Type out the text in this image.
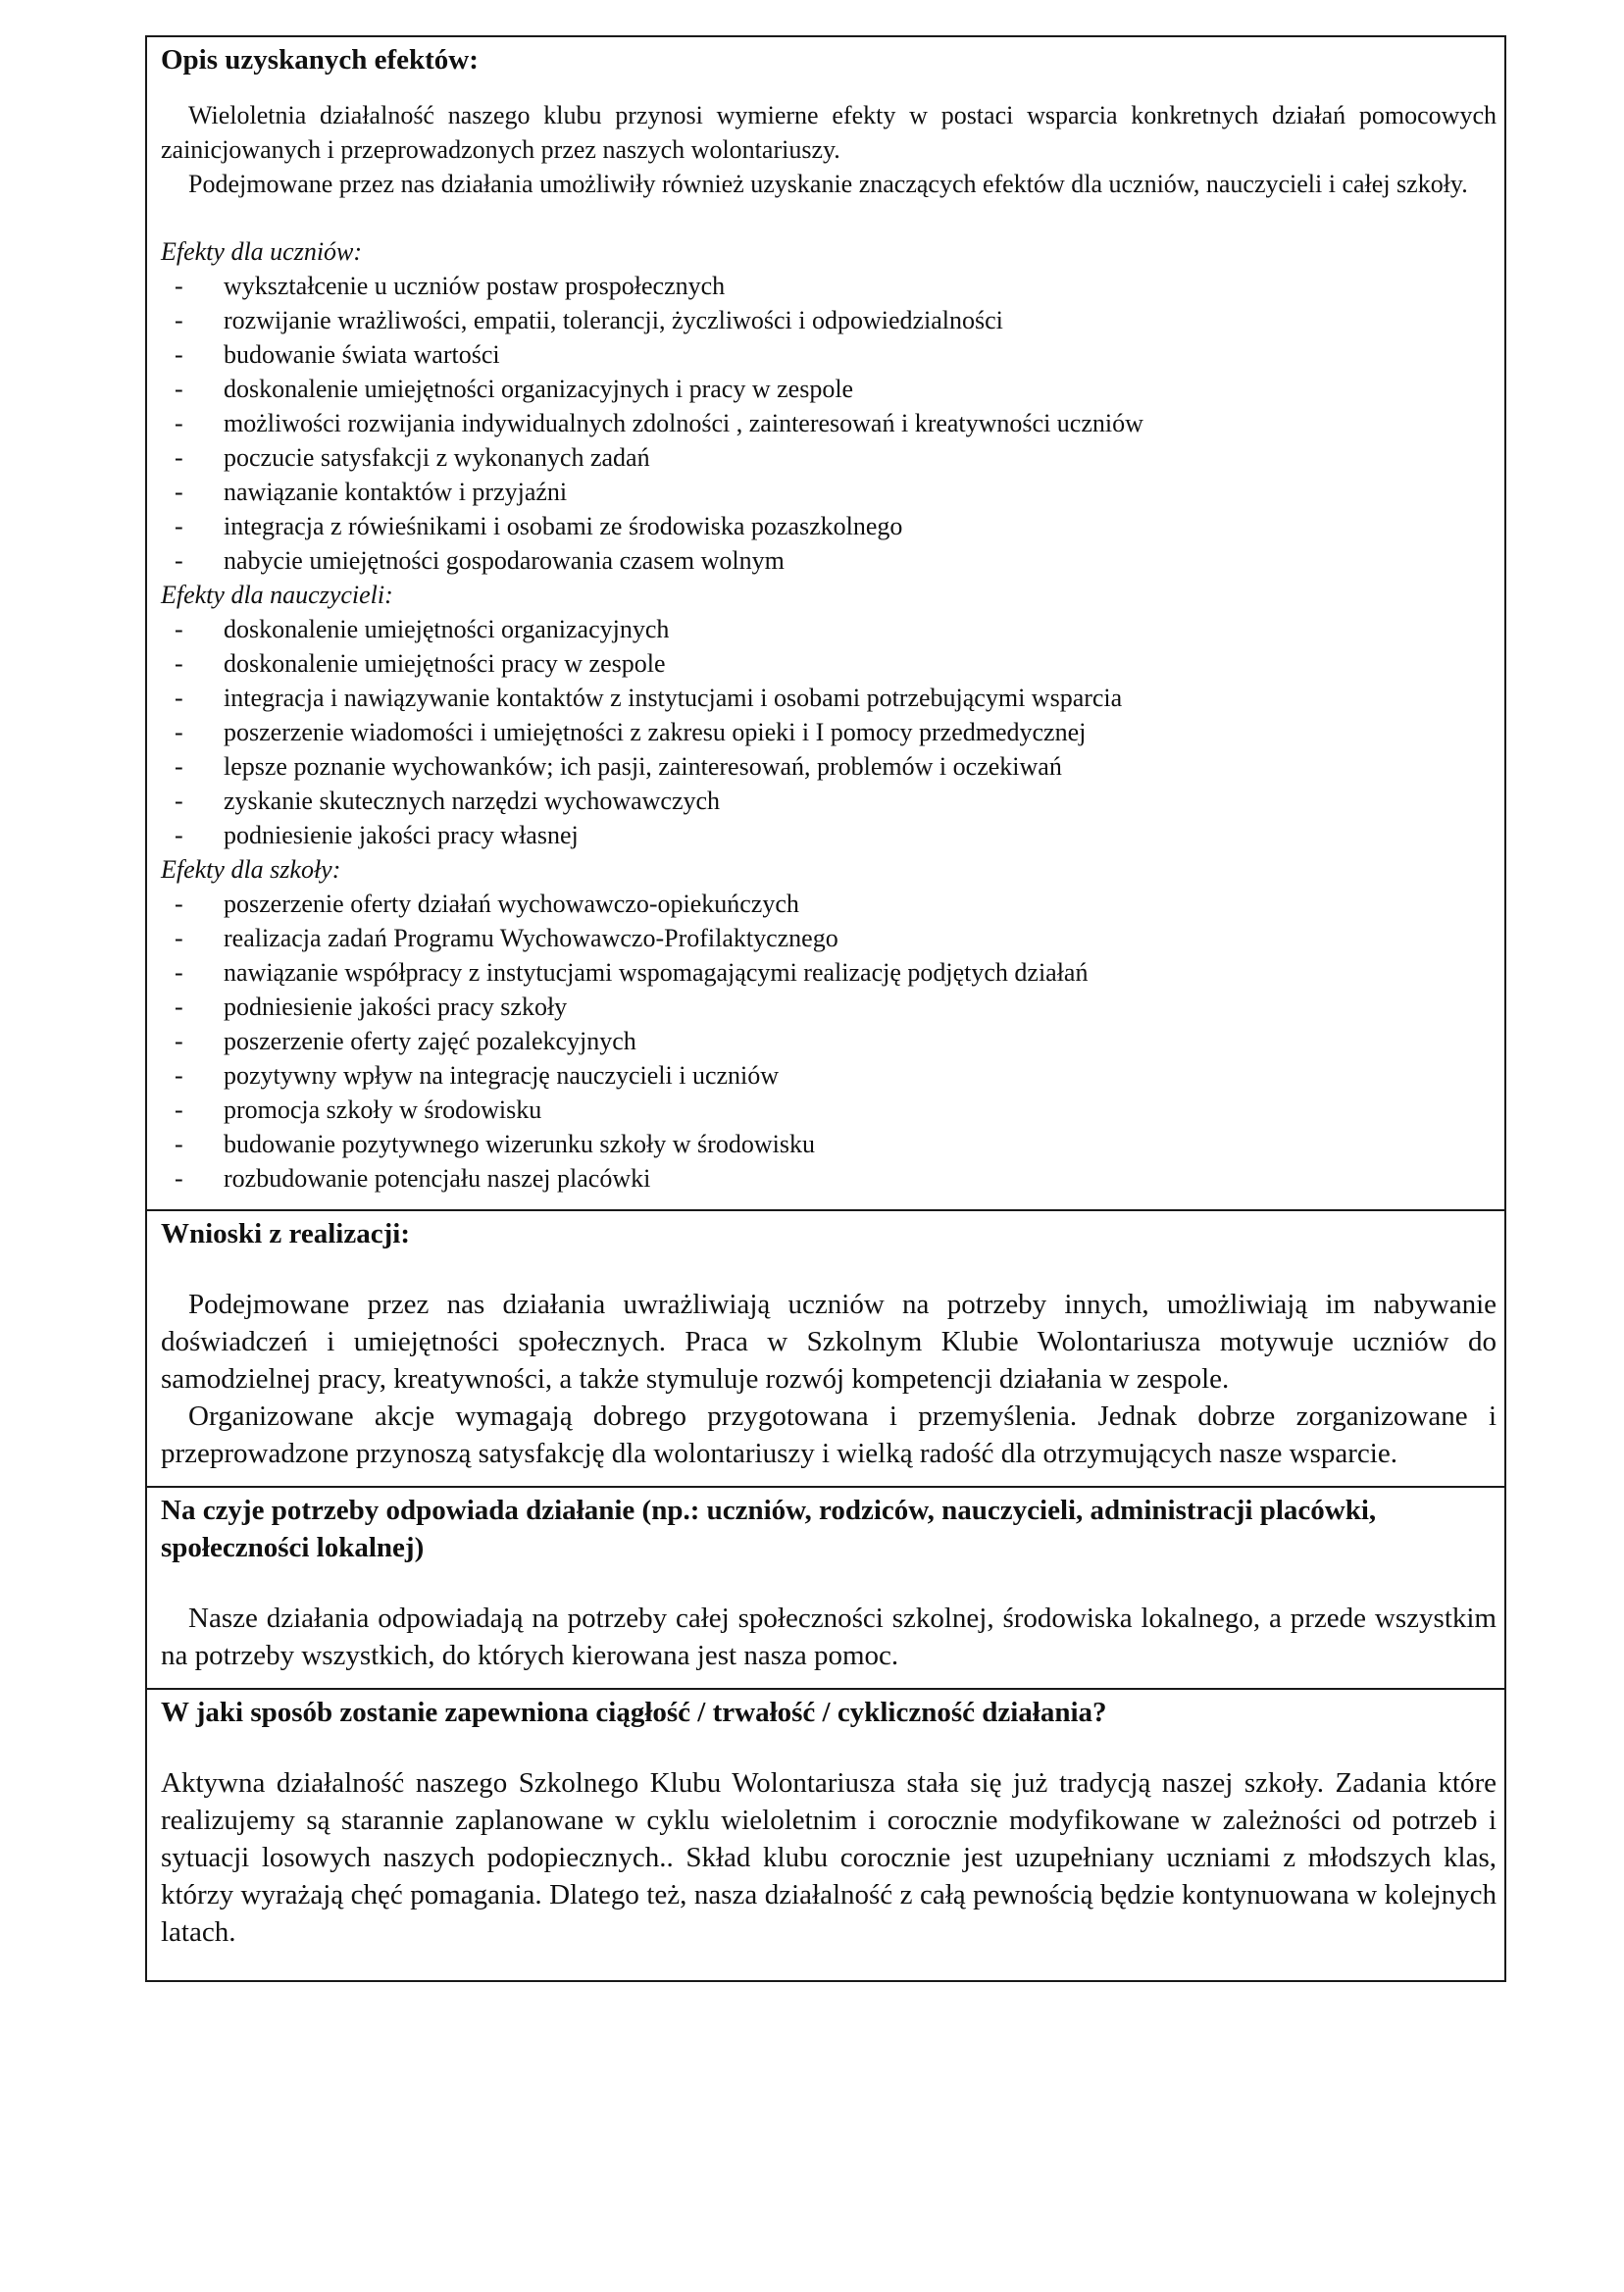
Opis uzyskanych efektów:

Wieloletnia działalność naszego klubu przynosi wymierne efekty w postaci wsparcia konkretnych działań pomocowych zainicjowanych i przeprowadzonych przez naszych wolontariuszy.

Podejmowane przez nas działania umożliwiły również uzyskanie znaczących efektów dla uczniów, nauczycieli i całej szkoły.

Efekty dla uczniów:

-	wykształcenie u uczniów postaw prospołecznych
-	rozwijanie wrażliwości, empatii, tolerancji, życzliwości i odpowiedzialności
-	budowanie świata wartości
-	doskonalenie umiejętności organizacyjnych i pracy w zespole
-	możliwości rozwijania indywidualnych zdolności , zainteresowań i kreatywności uczniów
-	poczucie satysfakcji z wykonanych zadań
-	nawiązanie kontaktów i przyjaźni
-	integracja z rówieśnikami i osobami ze środowiska pozaszkolnego
-	nabycie umiejętności gospodarowania czasem wolnym

Efekty dla nauczycieli:

-	doskonalenie umiejętności organizacyjnych
-	doskonalenie umiejętności pracy w zespole
-	integracja i nawiązywanie kontaktów z instytucjami i osobami potrzebującymi wsparcia
-	poszerzenie wiadomości i umiejętności z zakresu opieki i I pomocy przedmedycznej
-	lepsze poznanie wychowanków; ich pasji, zainteresowań, problemów i oczekiwań
-	zyskanie skutecznych narzędzi wychowawczych
-	podniesienie jakości pracy własnej

Efekty dla szkoły:

-	poszerzenie oferty działań wychowawczo-opiekuńczych
-	realizacja zadań Programu Wychowawczo-Profilaktycznego
-	nawiązanie współpracy z instytucjami wspomagającymi realizację podjętych działań
-	podniesienie jakości pracy szkoły
-	poszerzenie oferty zajęć pozalekcyjnych
-	pozytywny wpływ na integrację nauczycieli i uczniów
-	promocja szkoły w środowisku
-	budowanie pozytywnego wizerunku szkoły w środowisku
-	rozbudowanie potencjału naszej placówki

Wnioski z realizacji:

Podejmowane przez nas działania uwrażliwiają uczniów na potrzeby innych, umożliwiają im nabywanie doświadczeń i umiejętności społecznych. Praca w Szkolnym Klubie Wolontariusza motywuje uczniów do samodzielnej pracy, kreatywności, a także stymuluje rozwój kompetencji działania w zespole.

Organizowane akcje wymagają dobrego przygotowana i przemyślenia. Jednak dobrze zorganizowane i przeprowadzone przynoszą satysfakcję dla wolontariuszy i wielką radość dla otrzymujących nasze wsparcie.

Na czyje potrzeby odpowiada działanie (np.: uczniów, rodziców, nauczycieli, administracji placówki, społeczności lokalnej)

Nasze działania odpowiadają na potrzeby całej społeczności szkolnej, środowiska lokalnego, a przede wszystkim na potrzeby wszystkich, do których kierowana jest nasza pomoc.

W jaki sposób zostanie zapewniona ciągłość / trwałość / cykliczność działania?

Aktywna działalność naszego Szkolnego Klubu Wolontariusza stała się już tradycją naszej szkoły. Zadania które realizujemy są starannie zaplanowane w cyklu wieloletnim i corocznie modyfikowane w zależności od potrzeb i sytuacji losowych naszych podopiecznych.. Skład klubu corocznie jest uzupełniany uczniami z młodszych klas, którzy wyrażają chęć pomagania. Dlatego też, nasza działalność z całą pewnością będzie kontynuowana w kolejnych latach.
